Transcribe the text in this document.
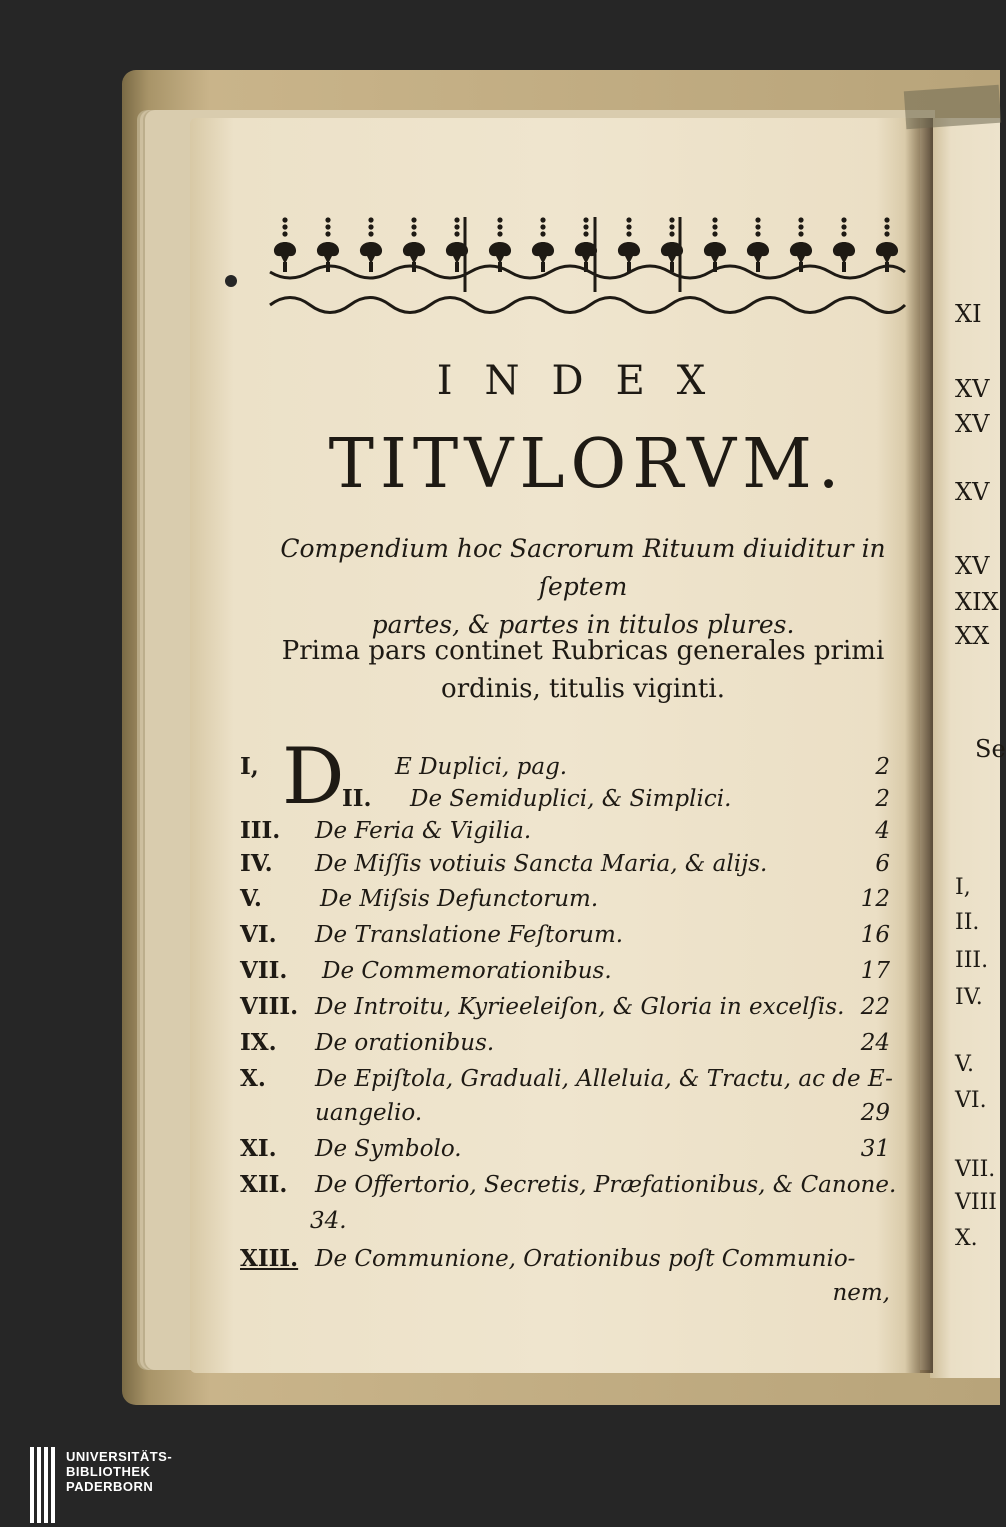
INDEX
TITVLORVM.
Compendium hoc Sacrorum Rituum diuiditur in ſeptem
partes, & partes in titulos plures.
Prima pars continet Rubricas generales primi
ordinis, titulis viginti.
D
I,	E Duplici, pag.	2
II. De Semiduplici, & Simplici.	2
III. De Feria & Vigilia.	4
IV. De Miſſis votiuis Sancta Maria, & alijs.	6
V.	De Miſsis Defunctorum.	12
VI. De Translatione Feſtorum.	16
VII. De Commemorationibus.	17
VIII. De Introitu, Kyrieeleiſon, & Gloria in excelſis. 22
IX. De orationibus.	24
X. De Epiſtola, Graduali, Alleluia, & Tractu, ac de E-
uangelio.	29
XI. De Symbolo.	31
XII. De Offertorio, Secretis, Præfationibus, & Canone.
34.
XIII. De Communione, Orationibus poſt Communio-
nem,
XI
XV
XV
XV
XV
XIX
XX
Se
I,
II.
III.
IV.
V.
VI.
VII.
VIII
X.
UNIVERSITÄTS-
BIBLIOTHEK
PADERBORN
